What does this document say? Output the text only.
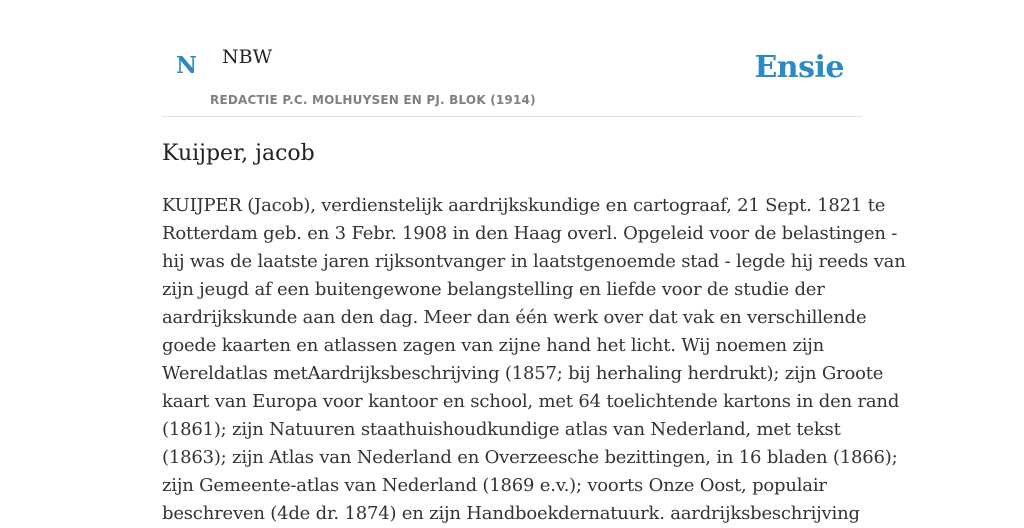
N NBW
REDACTIE P.C. MOLHUYSEN EN PJ. BLOK (1914)
Ensie
Kuijper, jacob
KUIJPER (Jacob), verdienstelijk aardrijkskundige en cartograaf, 21 Sept. 1821 te
Rotterdam geb. en 3 Febr. 1908 in den Haag overl. Opgeleid voor de belastingen -
hij was de laatste jaren rijksontvanger in laatstgenoemde stad - legde hij reeds van
zijn jeugd af een buitengewone belangstelling en liefde voor de studie der
aardrijkskunde aan den dag. Meer dan één werk over dat vak en verschillende
goede kaarten en atlassen zagen van zijne hand het licht. Wij noemen zijn
Wereldatlas metAardrijksbeschrijving (1857; bij herhaling herdrukt); zijn Groote
kaart van Europa voor kantoor en school, met 64 toelichtende kartons in den rand
(1861); zijn Natuuren staathuishoudkundige atlas van Nederland, met tekst
(1863); zijn Atlas van Nederland en Overzeesche bezittingen, in 16 bladen (1866);
zijn Gemeente-atlas van Nederland (1869 e.v.); voorts Onze Oost, populair
beschreven (4de dr. 1874) en zijn Handboekdernatuurk. aardrijksbeschrijving
